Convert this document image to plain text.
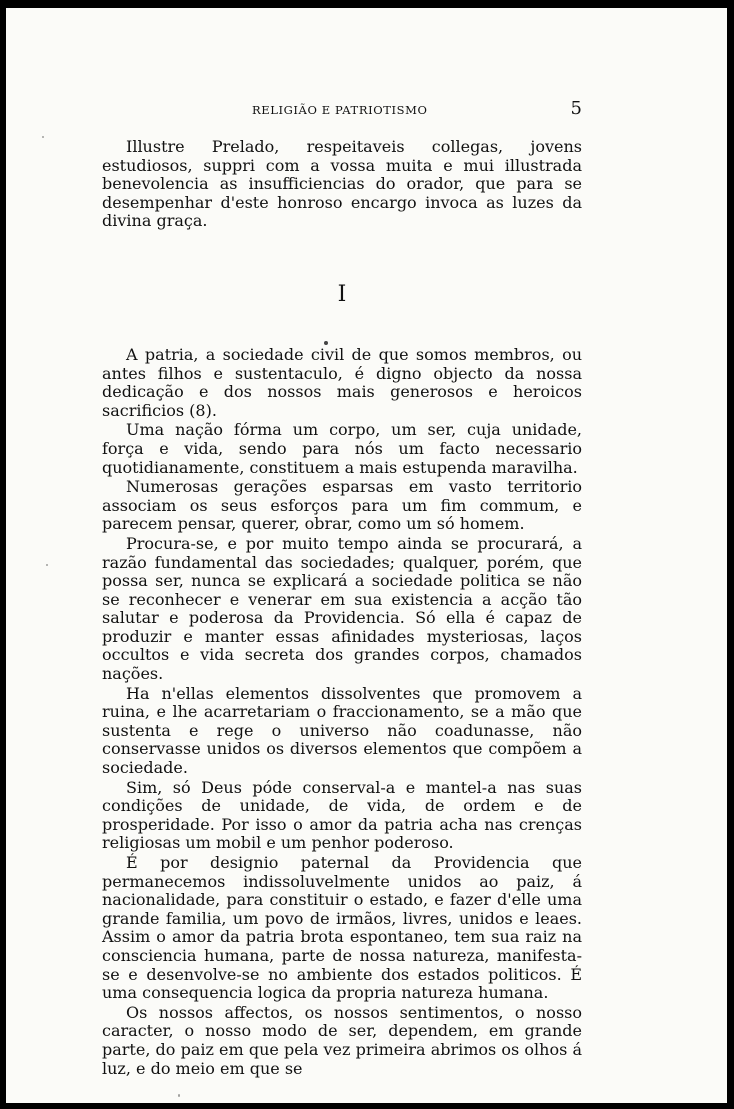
RELIGIÃO E PATRIOTISMO	5

Illustre Prelado, respeitaveis collegas, jovens estudiosos, suppri com a vossa muita e mui illustrada benevolencia as insufficiencias do orador, que para se desempenhar d'este honroso encargo invoca as luzes da divina graça.

I

A patria, a sociedade civil de que somos membros, ou antes filhos e sustentaculo, é digno objecto da nossa dedicação e dos nossos mais generosos e heroicos sacrificios (8).

Uma nação fórma um corpo, um ser, cuja unidade, força e vida, sendo para nós um facto necessario quotidianamente, constituem a mais estupenda maravilha.

Numerosas gerações esparsas em vasto territorio associam os seus esforços para um fim commum, e parecem pensar, querer, obrar, como um só homem.

Procura-se, e por muito tempo ainda se procurará, a razão fundamental das sociedades; qualquer, porém, que possa ser, nunca se explicará a sociedade politica se não se reconhecer e venerar em sua existencia a acção tão salutar e poderosa da Providencia. Só ella é capaz de produzir e manter essas afinidades mysteriosas, laços occultos e vida secreta dos grandes corpos, chamados nações.

Ha n'ellas elementos dissolventes que promovem a ruina, e lhe acarretariam o fraccionamento, se a mão que sustenta e rege o universo não coadunasse, não conservasse unidos os diversos elementos que compõem a sociedade.

Sim, só Deus póde conserval-a e mantel-a nas suas condições de unidade, de vida, de ordem e de prosperidade. Por isso o amor da patria acha nas crenças religiosas um mobil e um penhor poderoso.

É por designio paternal da Providencia que permanecemos indissoluvelmente unidos ao paiz, á nacionalidade, para constituir o estado, e fazer d'elle uma grande familia, um povo de irmãos, livres, unidos e leaes. Assim o amor da patria brota espontaneo, tem sua raiz na consciencia humana, parte de nossa natureza, manifesta-se e desenvolve-se no ambiente dos estados politicos. É uma consequencia logica da propria natureza humana.

Os nossos affectos, os nossos sentimentos, o nosso caracter, o nosso modo de ser, dependem, em grande parte, do paiz em que pela vez primeira abrimos os olhos á luz, e do meio em que se
